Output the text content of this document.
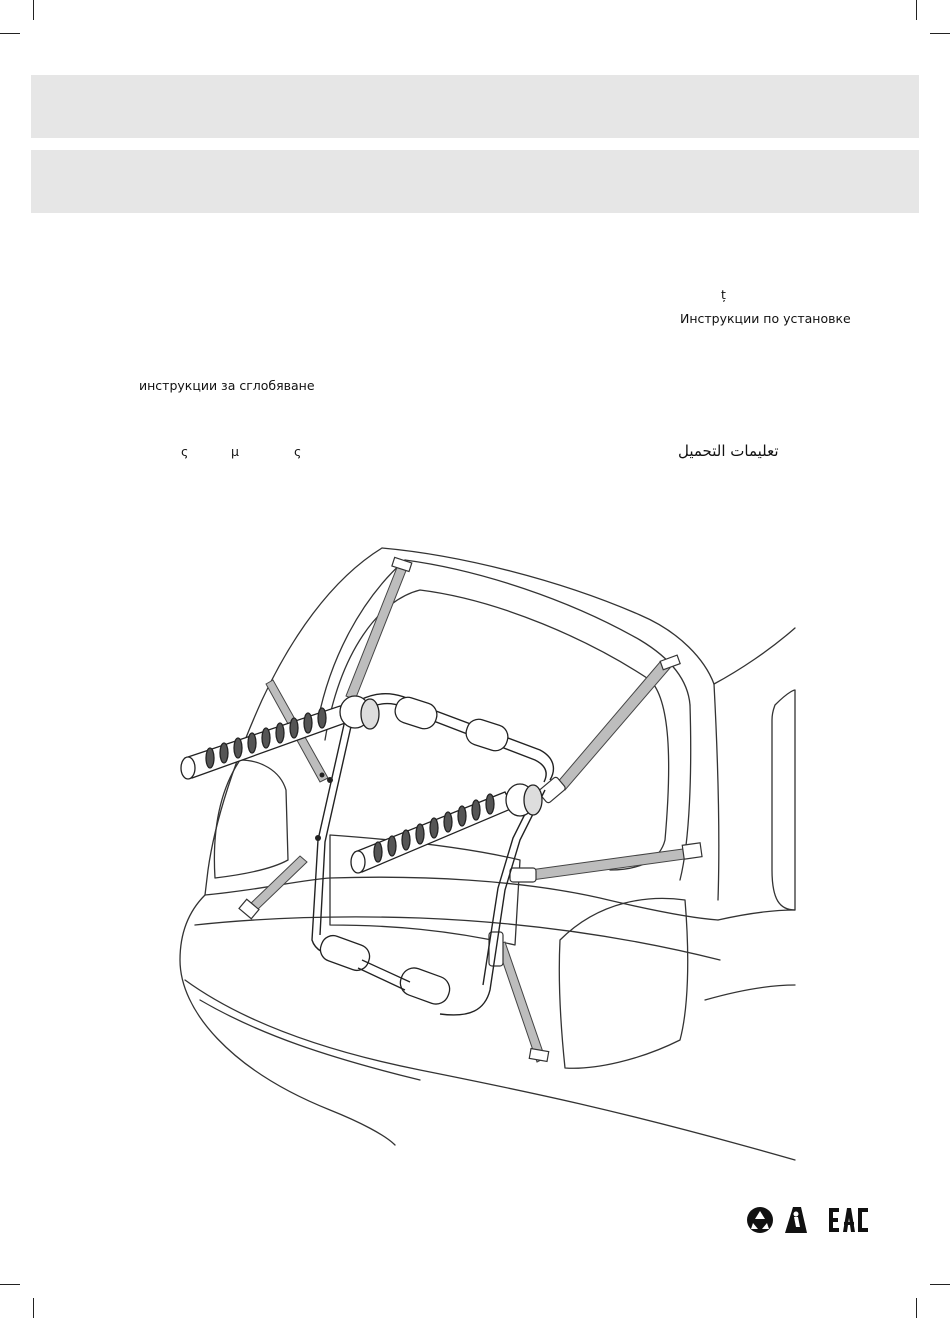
ț
Инструкции по установке
инструкции за сглобяване
ς	μ	ς	تعليمات التحميل
EAC
